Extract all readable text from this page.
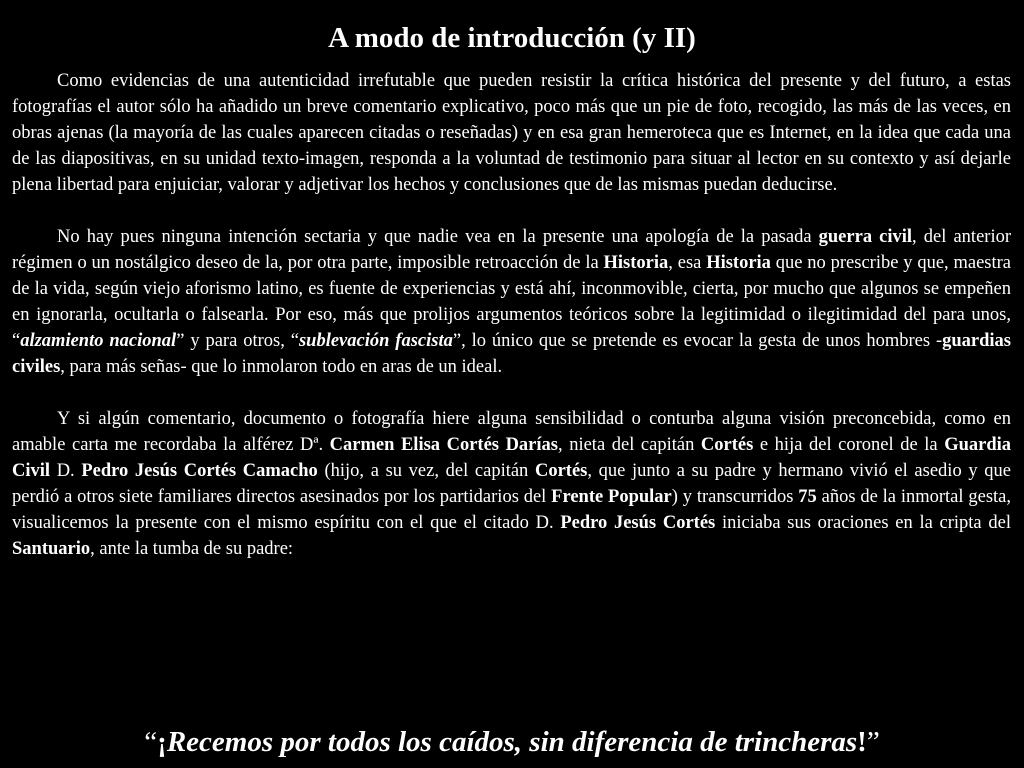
A modo de introducción (y II)

Como evidencias de una autenticidad irrefutable que pueden resistir la crítica histórica del presente y del futuro, a estas fotografías el autor sólo ha añadido un breve comentario explicativo, poco más que un pie de foto, recogido, las más de las veces, en obras ajenas (la mayoría de las cuales aparecen citadas o reseñadas) y en esa gran hemeroteca que es Internet, en la idea que cada una de las diapositivas, en su unidad texto-imagen, responda a la voluntad de testimonio para situar al lector en su contexto y así dejarle plena libertad para enjuiciar, valorar y adjetivar los hechos y conclusiones que de las mismas puedan deducirse.

No hay pues ninguna intención sectaria y que nadie vea en la presente una apología de la pasada guerra civil, del anterior régimen o un nostálgico deseo de la, por otra parte, imposible retroacción de la Historia, esa Historia que no prescribe y que, maestra de la vida, según viejo aforismo latino, es fuente de experiencias y está ahí, inconmovible, cierta, por mucho que algunos se empeñen en ignorarla, ocultarla o falsearla. Por eso, más que prolijos argumentos teóricos sobre la legitimidad o ilegitimidad del para unos, “alzamiento nacional” y para otros, “sublevación fascista”, lo único que se pretende es evocar la gesta de unos hombres -guardias civiles, para más señas- que lo inmolaron todo en aras de un ideal.

Y si algún comentario, documento o fotografía hiere alguna sensibilidad o conturba alguna visión preconcebida, como en amable carta me recordaba la alférez Dª. Carmen Elisa Cortés Darías, nieta del capitán Cortés e hija del coronel de la Guardia Civil D. Pedro Jesús Cortés Camacho (hijo, a su vez, del capitán Cortés, que junto a su padre y hermano vivió el asedio y que perdió a otros siete familiares directos asesinados por los partidarios del Frente Popular) y transcurridos 75 años de la inmortal gesta, visualicemos la presente con el mismo espíritu con el que el citado D. Pedro Jesús Cortés iniciaba sus oraciones en la cripta del Santuario, ante la tumba de su padre:

“¡Recemos por todos los caídos, sin diferencia de trincheras!”
